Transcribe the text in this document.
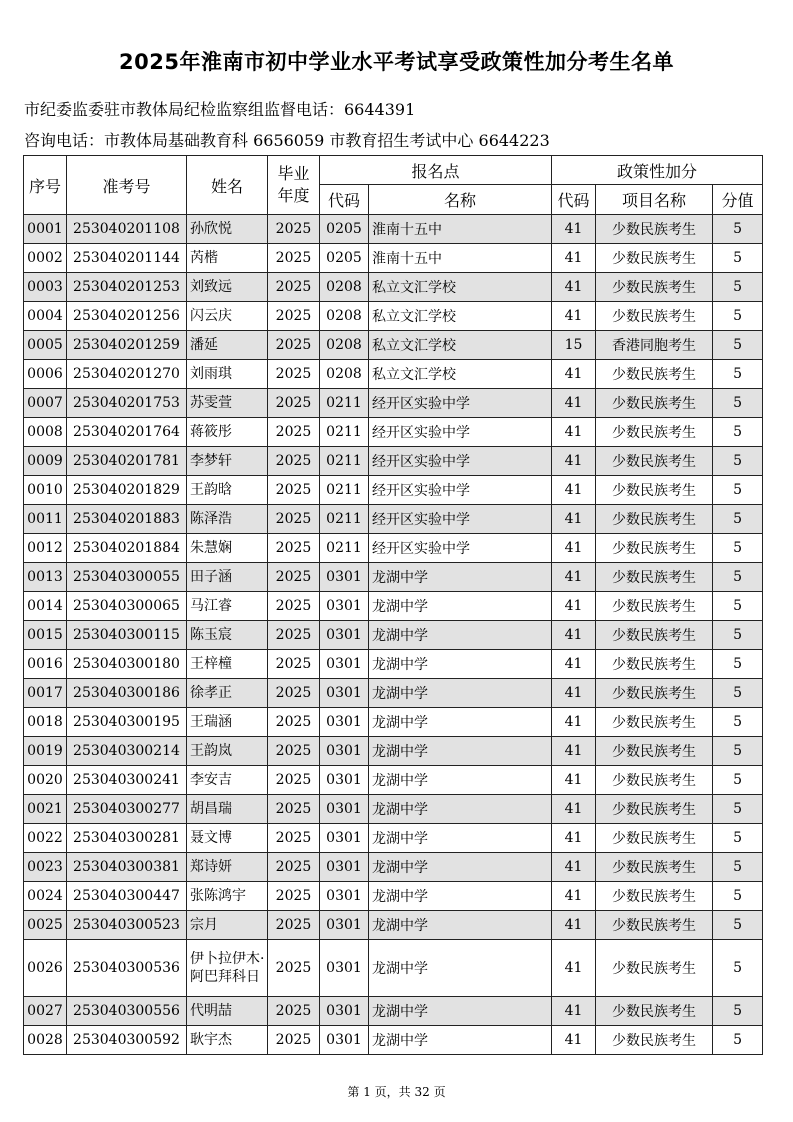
2025年淮南市初中学业水平考试享受政策性加分考生名单
市纪委监委驻市教体局纪检监察组监督电话：6644391
咨询电话：市教体局基础教育科 6656059 市教育招生考试中心 6644223
序号	准考号	姓名	毕业年度	报名点		政策性加分		
				代码	名称	代码	项目名称	分值
0001	253040201108	孙欣悦	2025	0205	淮南十五中	41	少数民族考生	5
0002	253040201144	芮楷	2025	0205	淮南十五中	41	少数民族考生	5
0003	253040201253	刘致远	2025	0208	私立文汇学校	41	少数民族考生	5
0004	253040201256	闪云庆	2025	0208	私立文汇学校	41	少数民族考生	5
0005	253040201259	潘延	2025	0208	私立文汇学校	15	香港同胞考生	5
0006	253040201270	刘雨琪	2025	0208	私立文汇学校	41	少数民族考生	5
0007	253040201753	苏雯萱	2025	0211	经开区实验中学	41	少数民族考生	5
0008	253040201764	蒋筱彤	2025	0211	经开区实验中学	41	少数民族考生	5
0009	253040201781	李梦轩	2025	0211	经开区实验中学	41	少数民族考生	5
0010	253040201829	王韵晗	2025	0211	经开区实验中学	41	少数民族考生	5
0011	253040201883	陈泽浩	2025	0211	经开区实验中学	41	少数民族考生	5
0012	253040201884	朱慧娴	2025	0211	经开区实验中学	41	少数民族考生	5
0013	253040300055	田子涵	2025	0301	龙湖中学	41	少数民族考生	5
0014	253040300065	马江睿	2025	0301	龙湖中学	41	少数民族考生	5
0015	253040300115	陈玉宸	2025	0301	龙湖中学	41	少数民族考生	5
0016	253040300180	王梓橦	2025	0301	龙湖中学	41	少数民族考生	5
0017	253040300186	徐孝正	2025	0301	龙湖中学	41	少数民族考生	5
0018	253040300195	王瑞涵	2025	0301	龙湖中学	41	少数民族考生	5
0019	253040300214	王韵岚	2025	0301	龙湖中学	41	少数民族考生	5
0020	253040300241	李安吉	2025	0301	龙湖中学	41	少数民族考生	5
0021	253040300277	胡昌瑞	2025	0301	龙湖中学	41	少数民族考生	5
0022	253040300281	聂文博	2025	0301	龙湖中学	41	少数民族考生	5
0023	253040300381	郑诗妍	2025	0301	龙湖中学	41	少数民族考生	5
0024	253040300447	张陈鸿宇	2025	0301	龙湖中学	41	少数民族考生	5
0025	253040300523	宗月	2025	0301	龙湖中学	41	少数民族考生	5
0026	253040300536	伊卜拉伊木·阿巴拜科日	2025	0301	龙湖中学	41	少数民族考生	5
0027	253040300556	代明喆	2025	0301	龙湖中学	41	少数民族考生	5
0028	253040300592	耿宇杰	2025	0301	龙湖中学	41	少数民族考生	5
第 1 页，共 32 页
